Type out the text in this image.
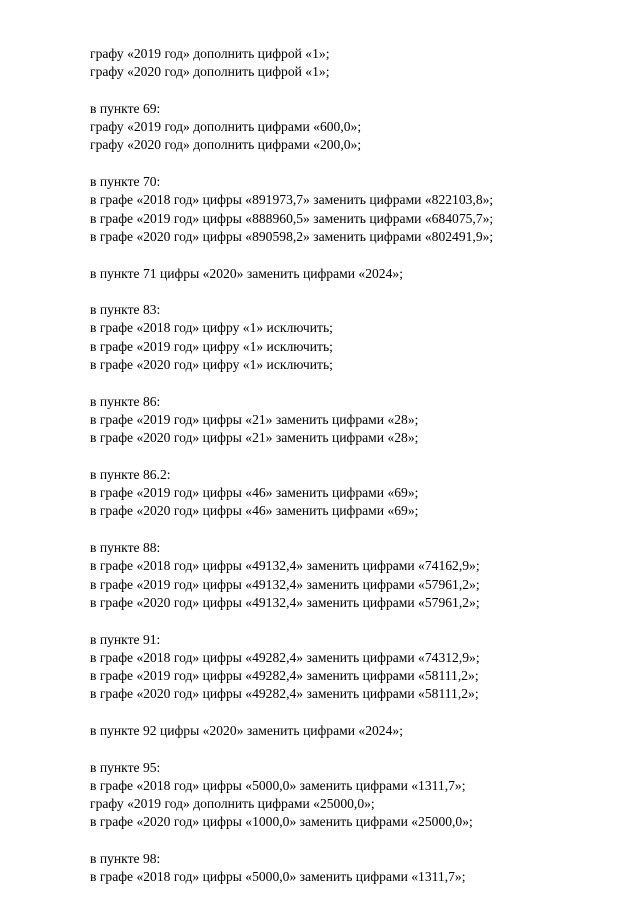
графу «2019 год» дополнить цифрой «1»;
графу «2020 год» дополнить цифрой «1»;
в пункте 69:
графу «2019 год» дополнить цифрами «600,0»;
графу «2020 год» дополнить цифрами «200,0»;
в пункте 70:
в графе «2018 год» цифры «891973,7» заменить цифрами «822103,8»;
в графе «2019 год» цифры «888960,5» заменить цифрами «684075,7»;
в графе «2020 год» цифры «890598,2» заменить цифрами «802491,9»;
в пункте 71 цифры «2020» заменить цифрами «2024»;
в пункте 83:
в графе «2018 год» цифру «1» исключить;
в графе «2019 год» цифру «1» исключить;
в графе «2020 год» цифру «1» исключить;
в пункте 86:
в графе «2019 год» цифры «21» заменить цифрами «28»;
в графе «2020 год» цифры «21» заменить цифрами «28»;
в пункте 86.2:
в графе «2019 год» цифры «46» заменить цифрами «69»;
в графе «2020 год» цифры «46» заменить цифрами «69»;
в пункте 88:
в графе «2018 год» цифры «49132,4» заменить цифрами «74162,9»;
в графе «2019 год» цифры «49132,4» заменить цифрами «57961,2»;
в графе «2020 год» цифры «49132,4» заменить цифрами «57961,2»;
в пункте 91:
в графе «2018 год» цифры «49282,4» заменить цифрами «74312,9»;
в графе «2019 год» цифры «49282,4» заменить цифрами «58111,2»;
в графе «2020 год» цифры «49282,4» заменить цифрами «58111,2»;
в пункте 92 цифры «2020» заменить цифрами «2024»;
в пункте 95:
в графе «2018 год» цифры «5000,0» заменить цифрами «1311,7»;
графу «2019 год» дополнить цифрами «25000,0»;
в графе «2020 год» цифры «1000,0» заменить цифрами «25000,0»;
в пункте 98:
в графе «2018 год» цифры «5000,0» заменить цифрами «1311,7»;
